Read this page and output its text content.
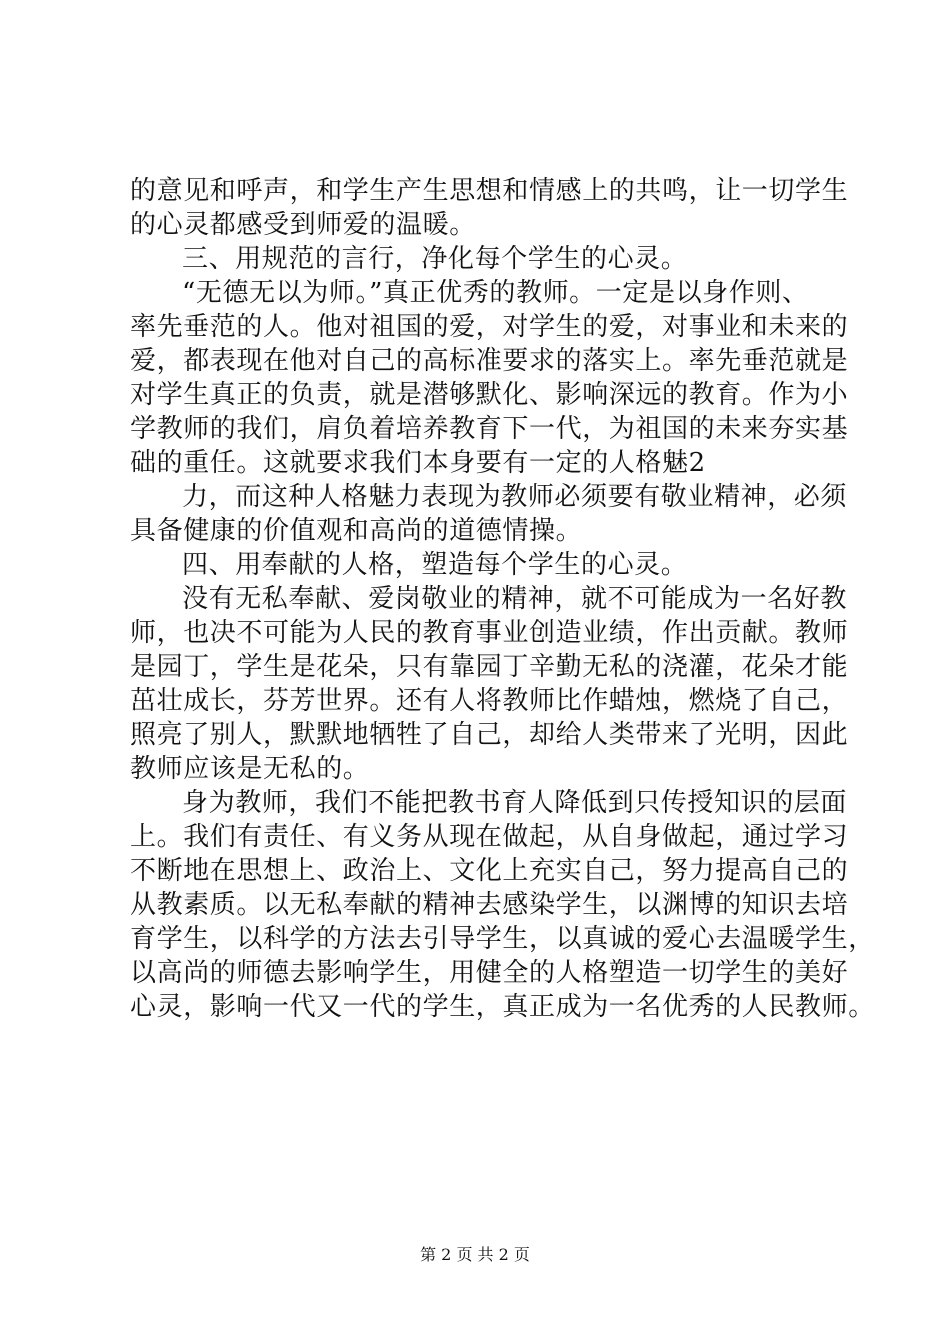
的意见和呼声，和学生产生思想和情感上的共鸣，让一切学生
的心灵都感受到师爱的温暖。
三、用规范的言行，净化每个学生的心灵。
“无德无以为师。”真正优秀的教师。一定是以身作则、
率先垂范的人。他对祖国的爱，对学生的爱，对事业和未来的
爱，都表现在他对自己的高标准要求的落实上。率先垂范就是
对学生真正的负责，就是潜够默化、影响深远的教育。作为小
学教师的我们，肩负着培养教育下一代，为祖国的未来夯实基
础的重任。这就要求我们本身要有一定的人格魅2
力，而这种人格魅力表现为教师必须要有敬业精神，必须
具备健康的价值观和高尚的道德情操。
四、用奉献的人格，塑造每个学生的心灵。
没有无私奉献、爱岗敬业的精神，就不可能成为一名好教
师，也决不可能为人民的教育事业创造业绩，作出贡献。教师
是园丁，学生是花朵，只有靠园丁辛勤无私的浇灌，花朵才能
茁壮成长，芬芳世界。还有人将教师比作蜡烛，燃烧了自己，
照亮了别人，默默地牺牲了自己，却给人类带来了光明，因此
教师应该是无私的。
身为教师，我们不能把教书育人降低到只传授知识的层面
上。我们有责任、有义务从现在做起，从自身做起，通过学习
不断地在思想上、政治上、文化上充实自己，努力提高自己的
从教素质。以无私奉献的精神去感染学生，以渊博的知识去培
育学生，以科学的方法去引导学生，以真诚的爱心去温暖学生，
以高尚的师德去影响学生，用健全的人格塑造一切学生的美好
心灵，影响一代又一代的学生，真正成为一名优秀的人民教师。
第 2 页 共 2 页
